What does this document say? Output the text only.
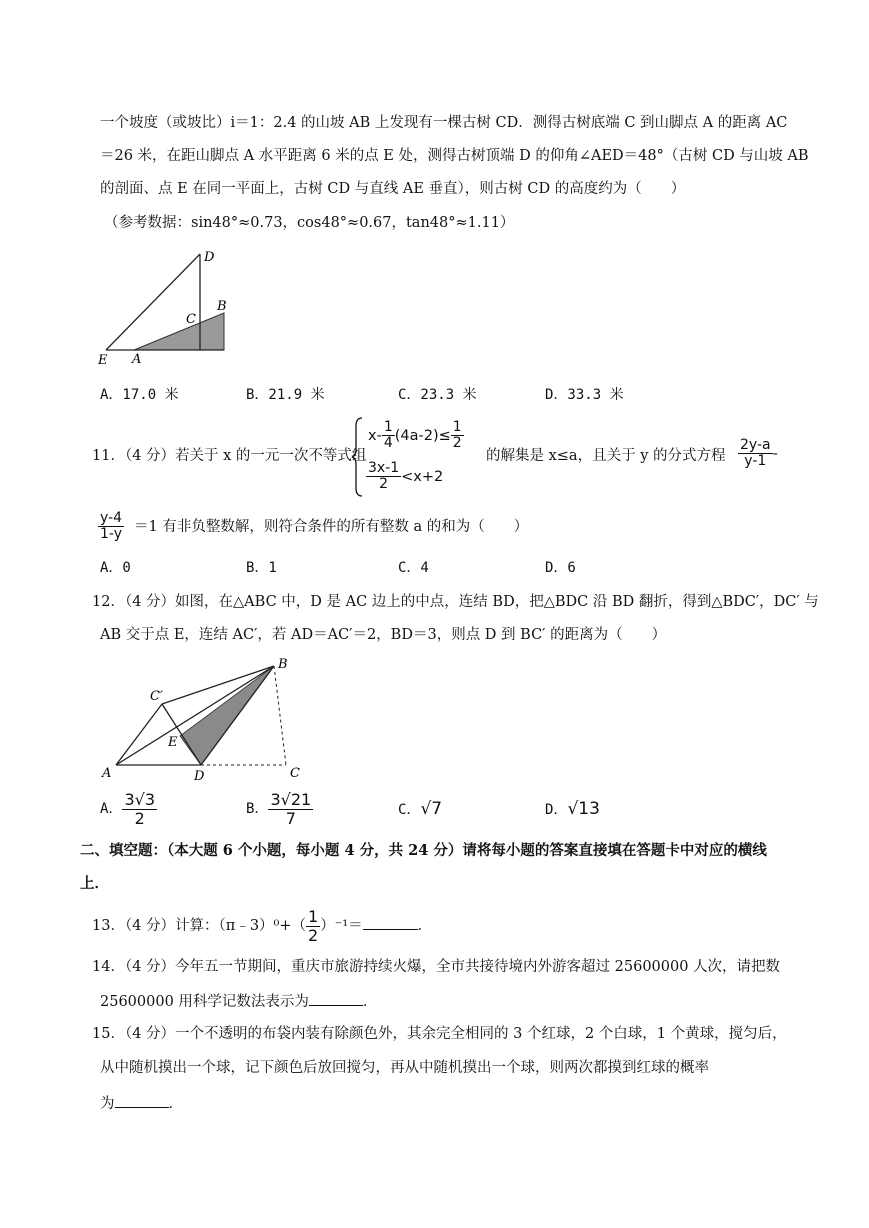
一个坡度（或坡比）i＝1：2.4 的山坡 AB 上发现有一棵古树 CD．测得古树底端 C 到山脚点 A 的距离 AC
＝26 米，在距山脚点 A 水平距离 6 米的点 E 处，测得古树顶端 D 的仰角∠AED＝48°（古树 CD 与山坡 AB
的剖面、点 E 在同一平面上，古树 CD 与直线 AE 垂直），则古树 CD 的高度约为（　　）
（参考数据：sin48°≈0.73，cos48°≈0.67，tan48°≈1.11）
D
B
C
E A
A．17.0 米	B．21.9 米	C．23.3 米	D．33.3 米
11．（4 分）若关于 x 的一元一次不等式组
$x- \frac{1}{4} (4a-2)\le \frac{1}{2}$
$\frac{3x-1}{2} <x+2$
的解集是 x≤a，且关于 y 的分式方程 $\frac{2y-a}{y-1}$ -
$\frac{y-4}{1-y} =1$ 有非负整数解，则符合条件的所有整数 a 的和为（　　）
A．0	B．1	C．4	D．6
12．（4 分）如图，在△ABC 中，D 是 AC 边上的中点，连结 BD，把△BDC 沿 BD 翻折，得到△BDC′，DC′ 与
AB 交于点 E，连结 AC′，若 AD＝AC′＝2，BD＝3，则点 D 到 BC′ 的距离为（　　）
B
C′
E
A	D	C
A． $\frac{3√3}{2}$	B． $\frac{3√21}{7}$	C．√7	D．√13
二、填空题：（本大题 6 个小题，每小题 4 分，共 24 分）请将每小题的答案直接填在答题卡中对应的横线
上．
13．（4 分）计算：（π﹣3）⁰+（ $\frac{1}{2} )^{-1}=$	．
14．（4 分）今年五一节期间，重庆市旅游持续火爆，全市共接待境内外游客超过 25600000 人次，请把数
25600000 用科学记数法表示为	．
15．（4 分）一个不透明的布袋内装有除颜色外，其余完全相同的 3 个红球，2 个白球，1 个黄球，搅匀后，
从中随机摸出一个球，记下颜色后放回搅匀，再从中随机摸出一个球，则两次都摸到红球的概率
为	．
